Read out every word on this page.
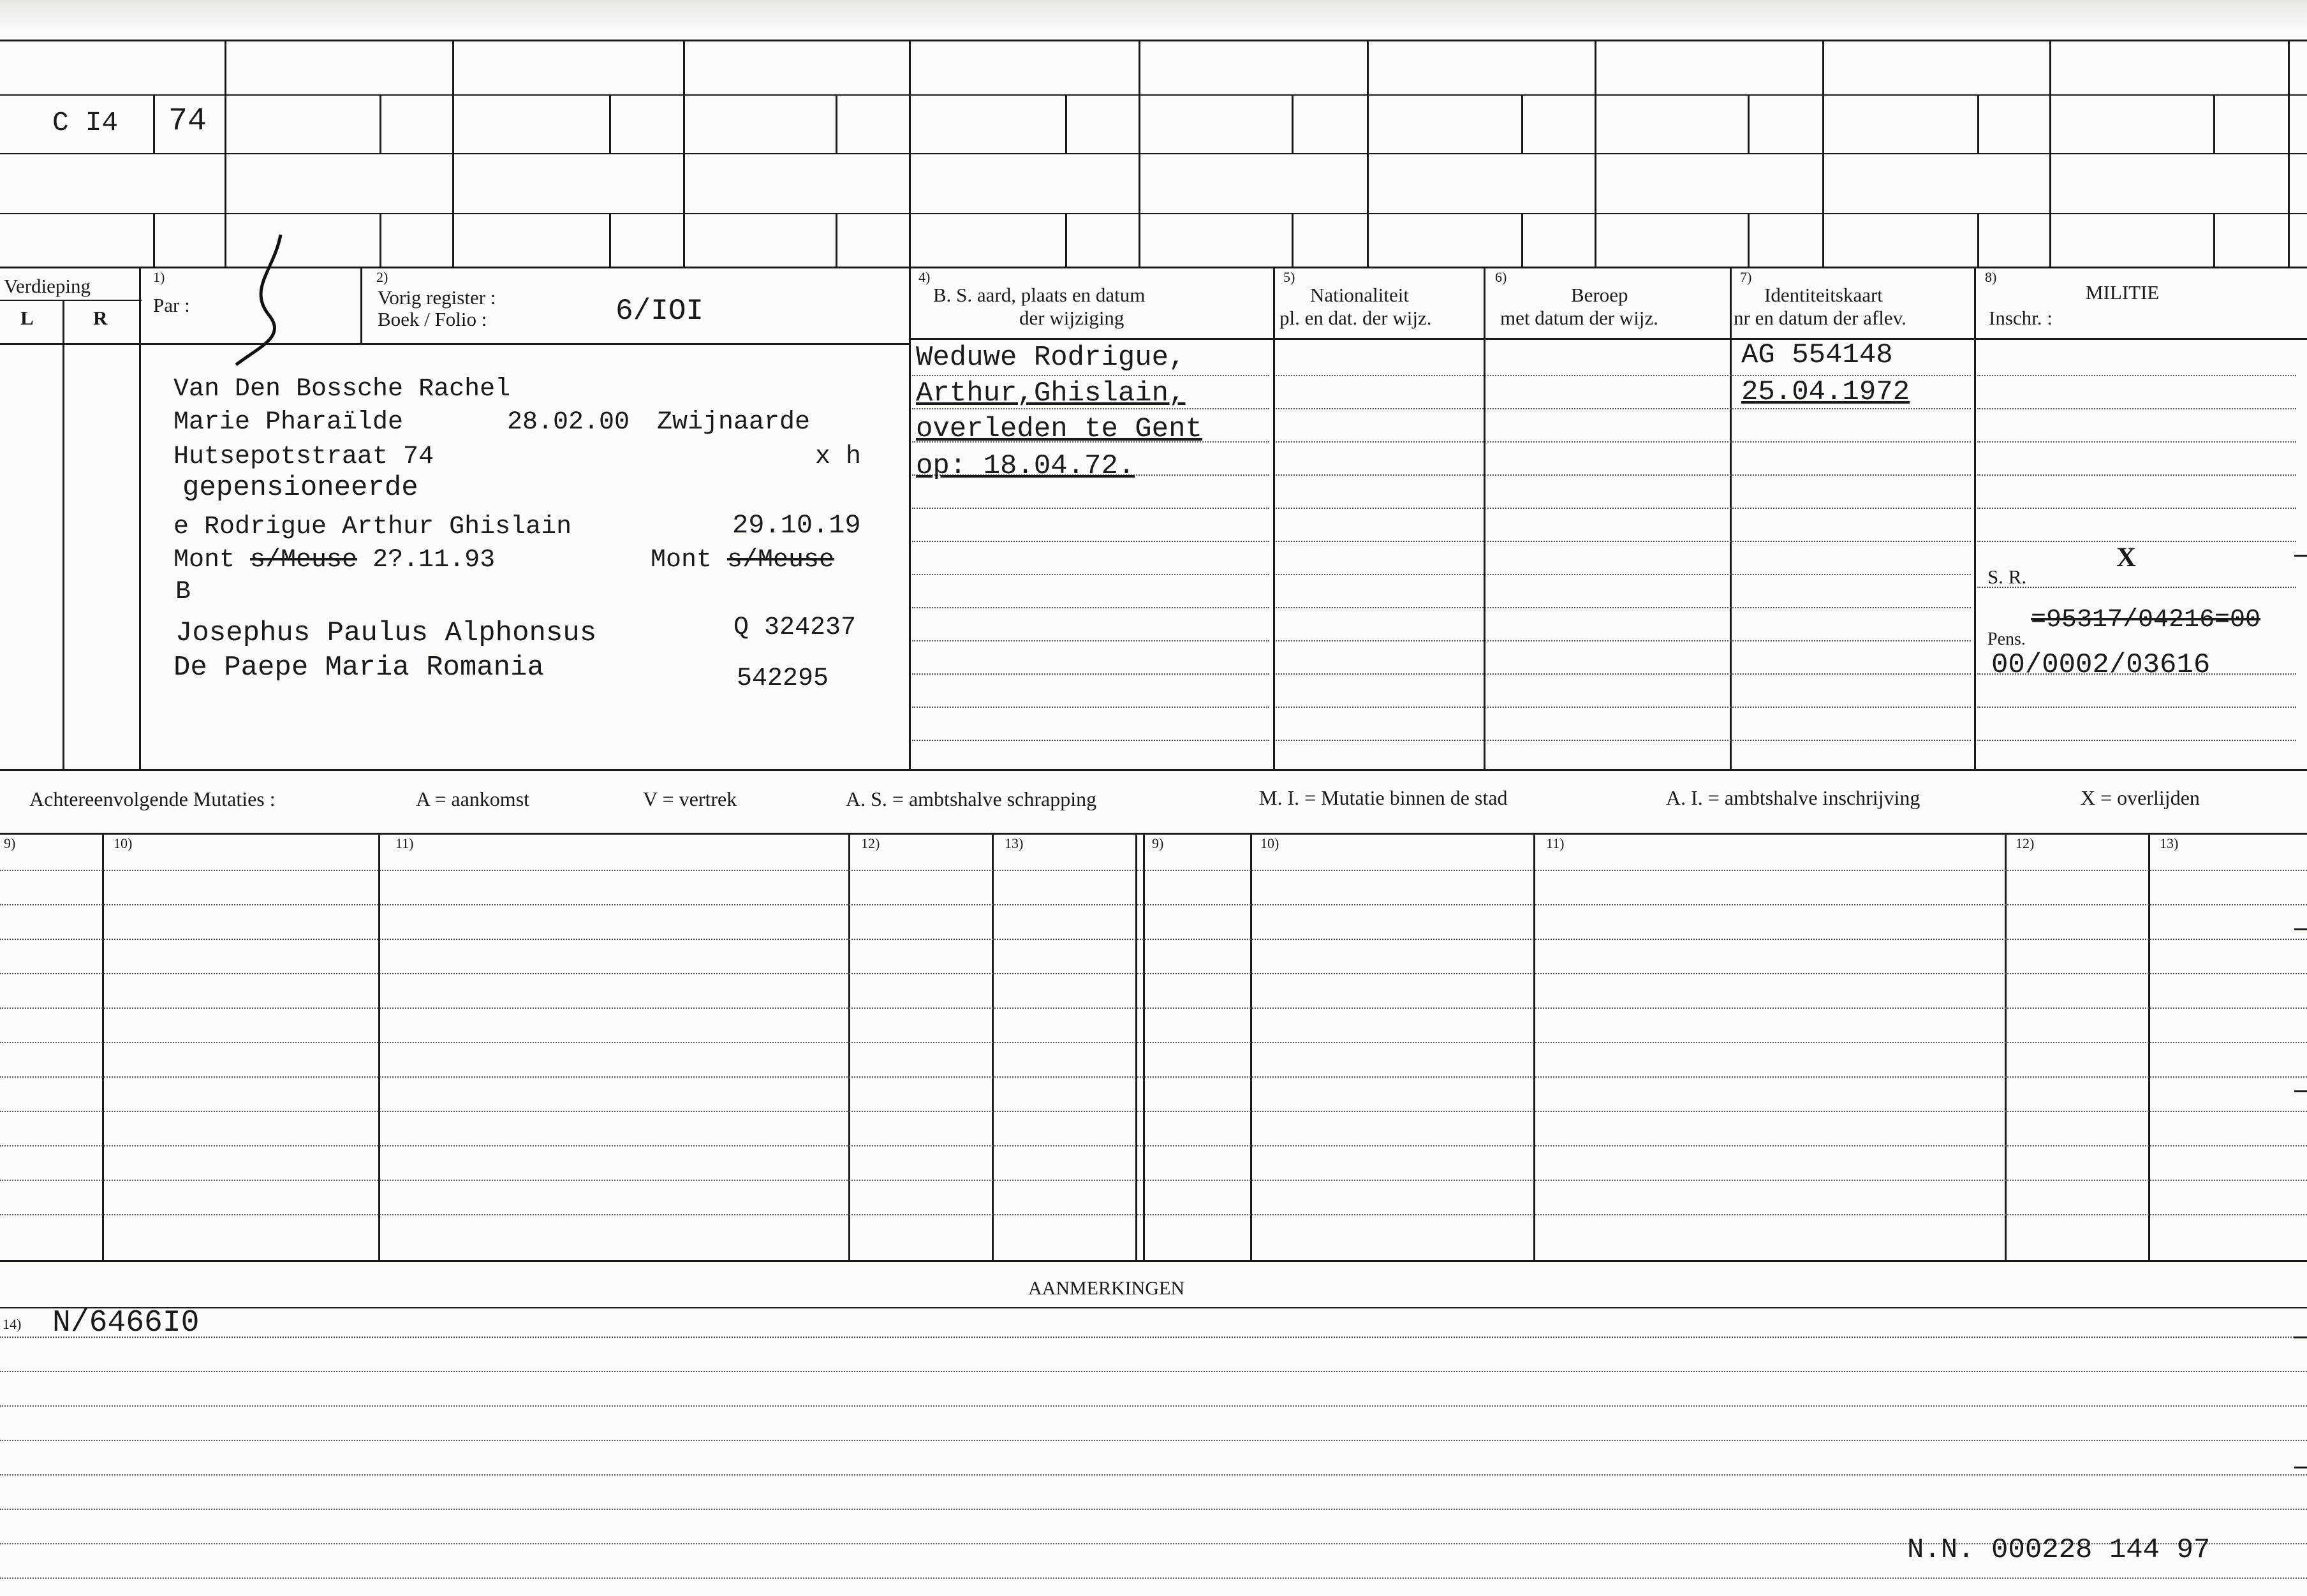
C I4 74
Verdieping
L	R
1)
Par :
2)
Vorig register :
Boek / Folio :	6/IOI
4)
B. S. aard, plaats en datum
der wijziging
5)
Nationaliteit
pl. en dat. der wijz.
6)
Beroep
met datum der wijz.
7)
Identiteitskaart
nr en datum der aflev.
8)
MILITIE
Inschr. :
Van Den Bossche Rachel
Marie Pharaïlde	28.02.00 Zwijnaarde
Hutsepotstraat 74	x h
gepensioneerde
e Rodrigue Arthur Ghislain	29.10.19
Mont s/Meuse 2?.11.93	Mont s/Meuse
B
Josephus Paulus Alphonsus	Q 324237
De Paepe Maria Romania	542295
Weduwe Rodrigue,
Arthur,Ghislain,
overleden te Gent
op: 18.04.72.
AG 554148
25.04.1972
S. R.
X
Pens.
=95317/04216=00
00/0002/03616
Achtereenvolgende Mutaties :	A = aankomst	V = vertrek	A. S. = ambtshalve schrapping	M. I. = Mutatie binnen de stad	A. I. = ambtshalve inschrijving	X = overlijden
9)	10)	11)	12)	13)	9)	10)	11)	12)	13)
AANMERKINGEN
14) N/6466I0
N.N. 000228 144 97
